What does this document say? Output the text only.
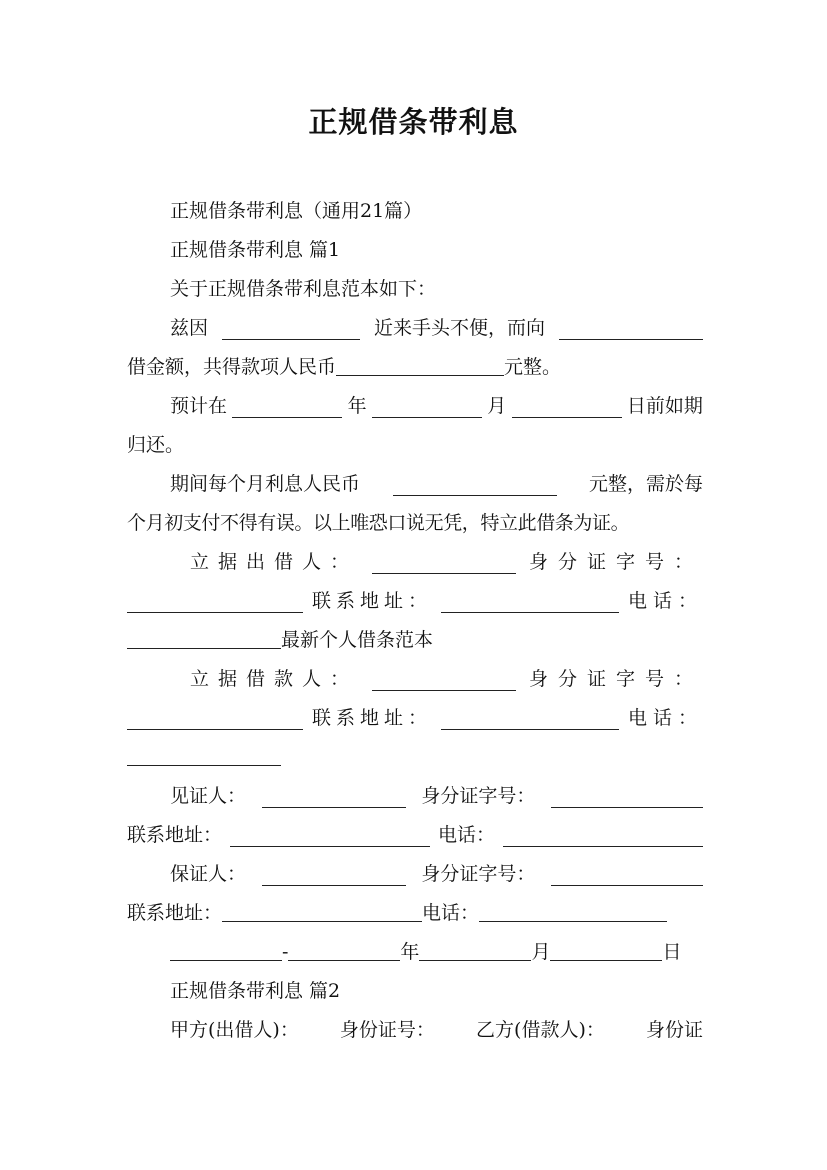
正规借条带利息
正规借条带利息（通用21篇）
正规借条带利息 篇1
关于正规借条带利息范本如下：
兹因	近来手头不便，而向
借金额，共得款项人民币	元整。
预计在	年	月	日前如期
归还。
期间每个月利息人民币	元整，需於每
个月初支付不得有误。以上唯恐口说无凭，特立此借条为证。
立据出借人：	身分证字号：
联系地址：	电话：
最新个人借条范本
立据借款人：	身分证字号：
联系地址：	电话：
见证人：	身分证字号：
联系地址：	电话：
保证人：	身分证字号：
联系地址：	电话：
-	年	月	日
正规借条带利息 篇2
甲方(出借人)： 身份证号： 乙方(借款人)： 身份证
